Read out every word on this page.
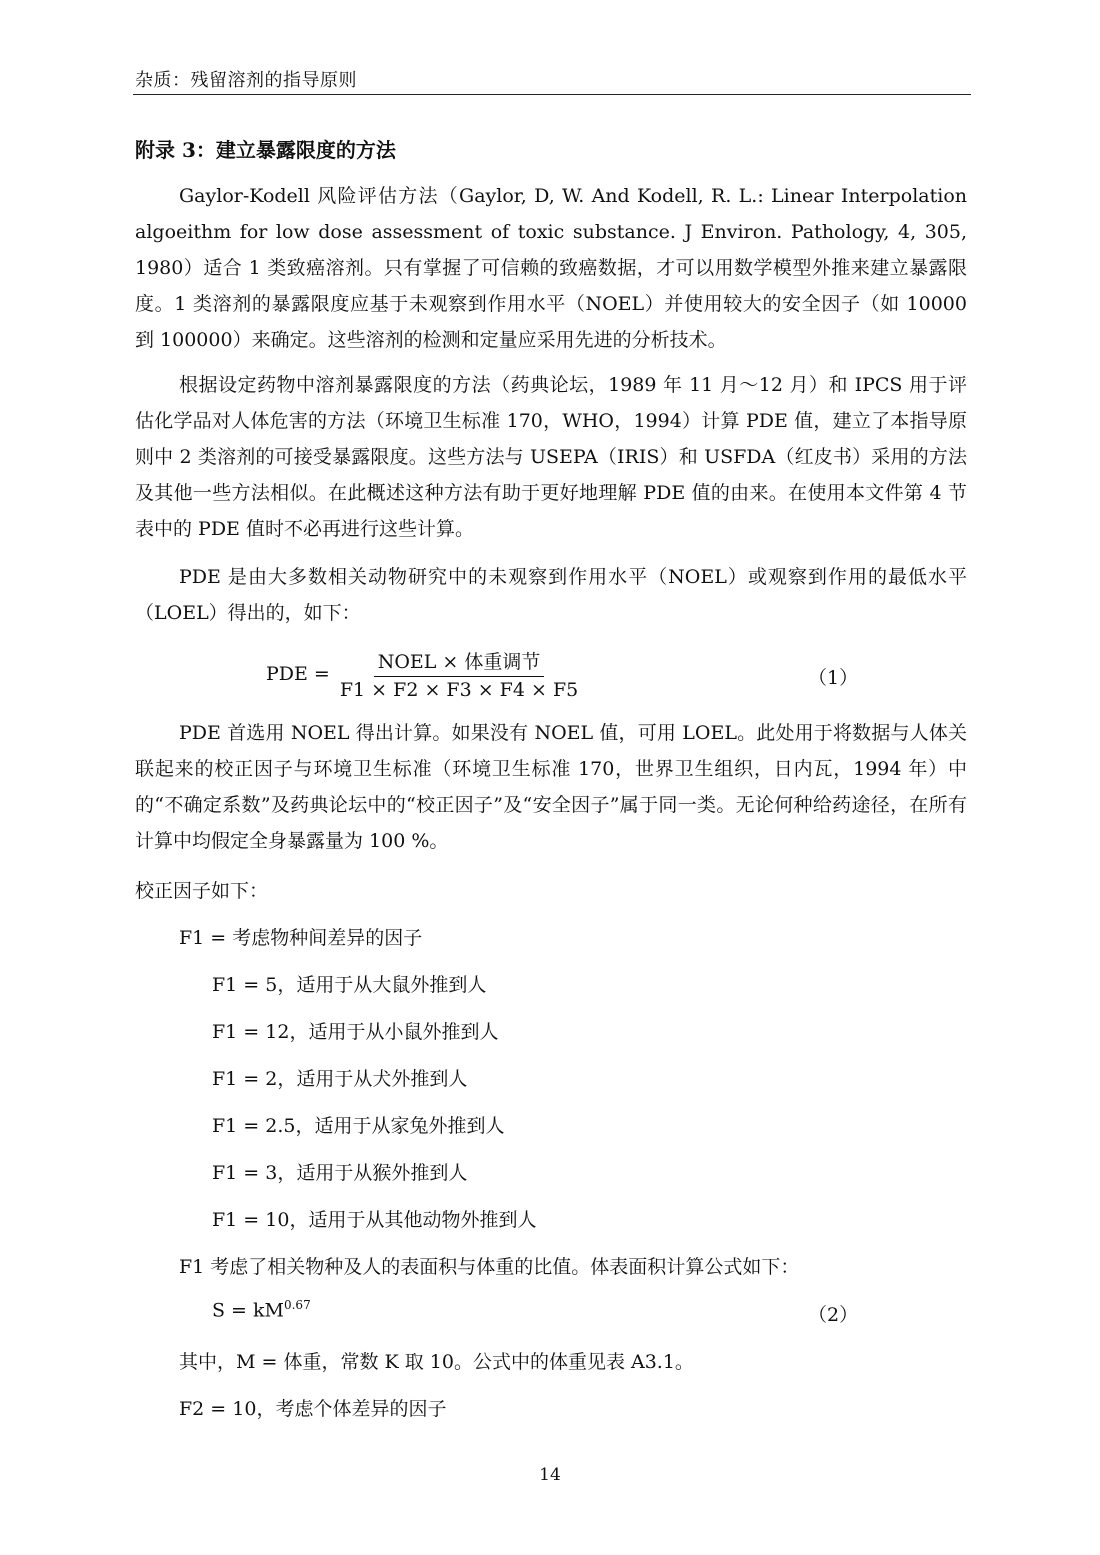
杂质：残留溶剂的指导原则
附录 3：建立暴露限度的方法
Gaylor-Kodell 风险评估方法（Gaylor, D, W. And Kodell, R. L.: Linear Interpolation algoeithm for low dose assessment of toxic substance. J Environ. Pathology, 4, 305, 1980）适合 1 类致癌溶剂。只有掌握了可信赖的致癌数据，才可以用数学模型外推来建立暴露限度。1 类溶剂的暴露限度应基于未观察到作用水平（NOEL）并使用较大的安全因子（如 10000 到 100000）来确定。这些溶剂的检测和定量应采用先进的分析技术。
根据设定药物中溶剂暴露限度的方法（药典论坛，1989 年 11 月～12 月）和 IPCS 用于评估化学品对人体危害的方法（环境卫生标准 170，WHO，1994）计算 PDE 值，建立了本指导原则中 2 类溶剂的可接受暴露限度。这些方法与 USEPA（IRIS）和 USFDA（红皮书）采用的方法及其他一些方法相似。在此概述这种方法有助于更好地理解 PDE 值的由来。在使用本文件第 4 节表中的 PDE 值时不必再进行这些计算。
PDE 是由大多数相关动物研究中的未观察到作用水平（NOEL）或观察到作用的最低水平（LOEL）得出的，如下：
PDE = $\frac{\text{NOEL × 体重调节}}{F1 \times F2 \times F3 \times F4 \times F5}$	（1）
PDE 首选用 NOEL 得出计算。如果没有 NOEL 值，可用 LOEL。此处用于将数据与人体关联起来的校正因子与环境卫生标准（环境卫生标准 170，世界卫生组织，日内瓦，1994 年）中的“不确定系数”及药典论坛中的“校正因子”及“安全因子”属于同一类。无论何种给药途径，在所有计算中均假定全身暴露量为 100 %。
校正因子如下：
F1 = 考虑物种间差异的因子
F1 = 5，适用于从大鼠外推到人
F1 = 12，适用于从小鼠外推到人
F1 = 2，适用于从犬外推到人
F1 = 2.5，适用于从家兔外推到人
F1 = 3，适用于从猴外推到人
F1 = 10，适用于从其他动物外推到人
F1 考虑了相关物种及人的表面积与体重的比值。体表面积计算公式如下：
$S = kM^{0.67}$	（2）
其中，M = 体重，常数 K 取 10。公式中的体重见表 A3.1。
F2 = 10，考虑个体差异的因子
14
